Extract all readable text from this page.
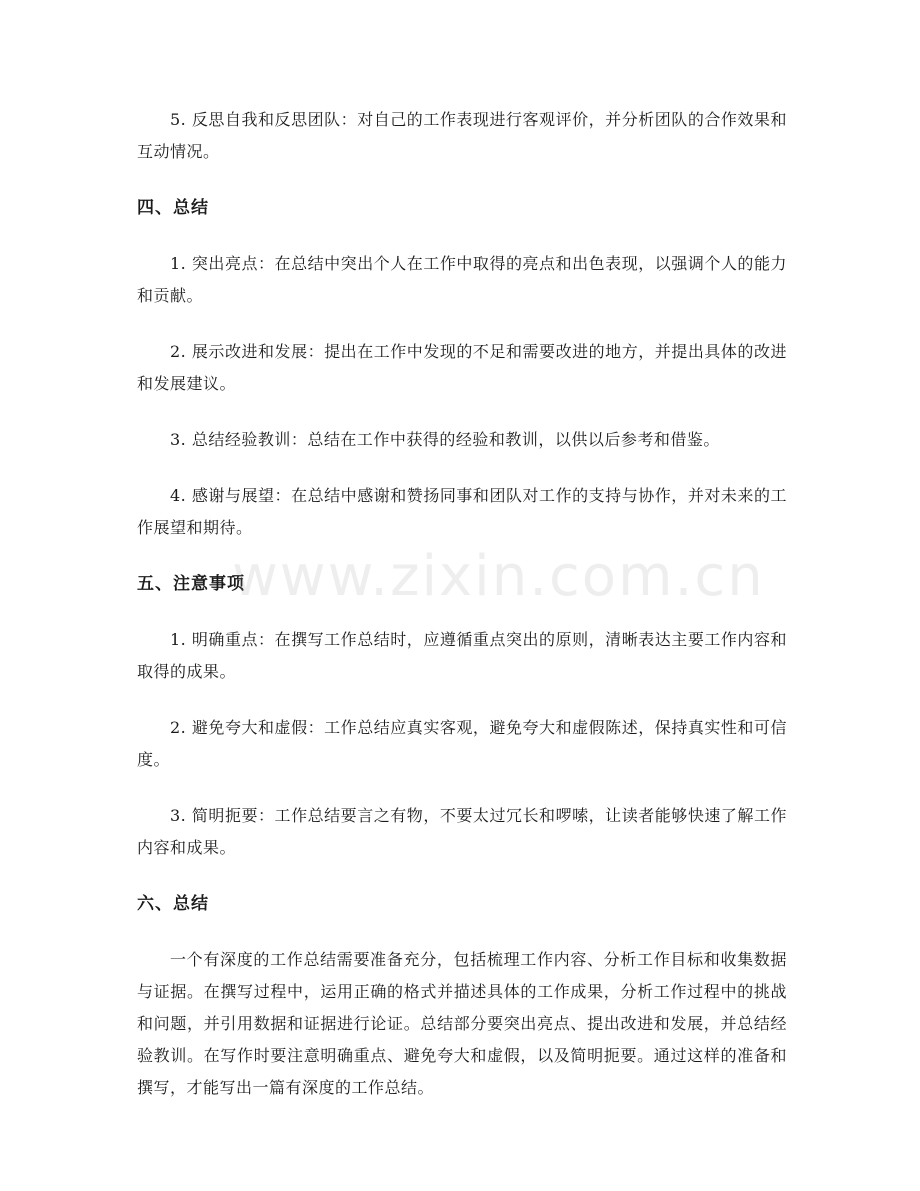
5. 反思自我和反思团队：对自己的工作表现进行客观评价，并分析团队的合作效果和互动情况。

四、总结

1. 突出亮点：在总结中突出个人在工作中取得的亮点和出色表现，以强调个人的能力和贡献。

2. 展示改进和发展：提出在工作中发现的不足和需要改进的地方，并提出具体的改进和发展建议。

3. 总结经验教训：总结在工作中获得的经验和教训，以供以后参考和借鉴。

4. 感谢与展望：在总结中感谢和赞扬同事和团队对工作的支持与协作，并对未来的工作展望和期待。

五、注意事项

1. 明确重点：在撰写工作总结时，应遵循重点突出的原则，清晰表达主要工作内容和取得的成果。

2. 避免夸大和虚假：工作总结应真实客观，避免夸大和虚假陈述，保持真实性和可信度。

3. 简明扼要：工作总结要言之有物，不要太过冗长和啰嗦，让读者能够快速了解工作内容和成果。

六、总结

一个有深度的工作总结需要准备充分，包括梳理工作内容、分析工作目标和收集数据与证据。在撰写过程中，运用正确的格式并描述具体的工作成果，分析工作过程中的挑战和问题，并引用数据和证据进行论证。总结部分要突出亮点、提出改进和发展，并总结经验教训。在写作时要注意明确重点、避免夸大和虚假，以及简明扼要。通过这样的准备和撰写，才能写出一篇有深度的工作总结。

www.zixin.com.cn
